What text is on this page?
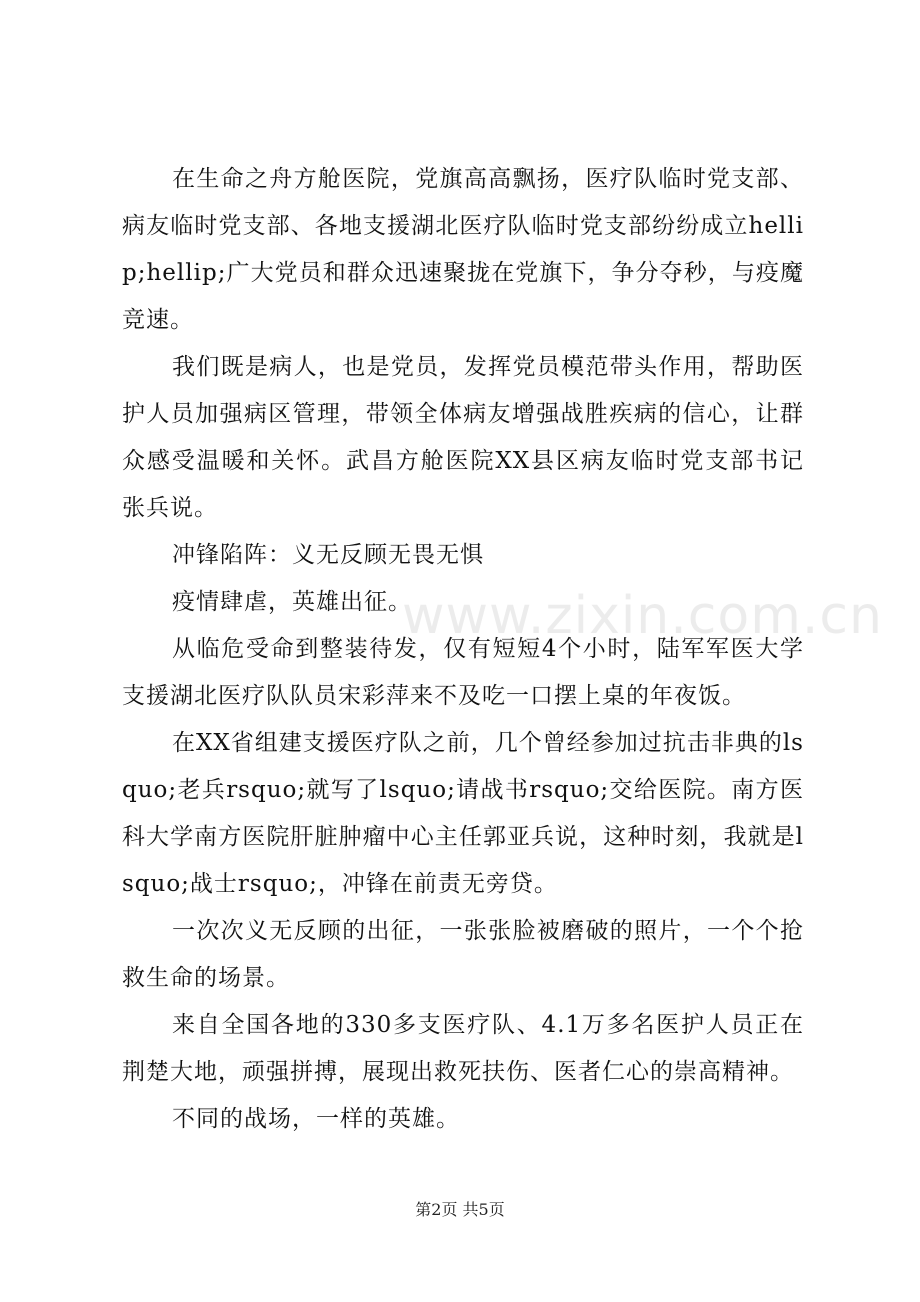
在生命之舟方舱医院，党旗高高飘扬，医疗队临时党支部、病友临时党支部、各地支援湖北医疗队临时党支部纷纷成立hellip;hellip;广大党员和群众迅速聚拢在党旗下，争分夺秒，与疫魔竞速。

我们既是病人，也是党员，发挥党员模范带头作用，帮助医护人员加强病区管理，带领全体病友增强战胜疾病的信心，让群众感受温暖和关怀。武昌方舱医院XX县区病友临时党支部书记张兵说。

冲锋陷阵：义无反顾无畏无惧

疫情肆虐，英雄出征。

从临危受命到整装待发，仅有短短4个小时，陆军军医大学支援湖北医疗队队员宋彩萍来不及吃一口摆上桌的年夜饭。

在XX省组建支援医疗队之前，几个曾经参加过抗击非典的lsquo;老兵rsquo;就写了lsquo;请战书rsquo;交给医院。南方医科大学南方医院肝脏肿瘤中心主任郭亚兵说，这种时刻，我就是lsquo;战士rsquo;，冲锋在前责无旁贷。

一次次义无反顾的出征，一张张脸被磨破的照片，一个个抢救生命的场景。

来自全国各地的330多支医疗队、4.1万多名医护人员正在荆楚大地，顽强拼搏，展现出救死扶伤、医者仁心的崇高精神。

不同的战场，一样的英雄。

www.zixin.com.cn
第2页 共5页
